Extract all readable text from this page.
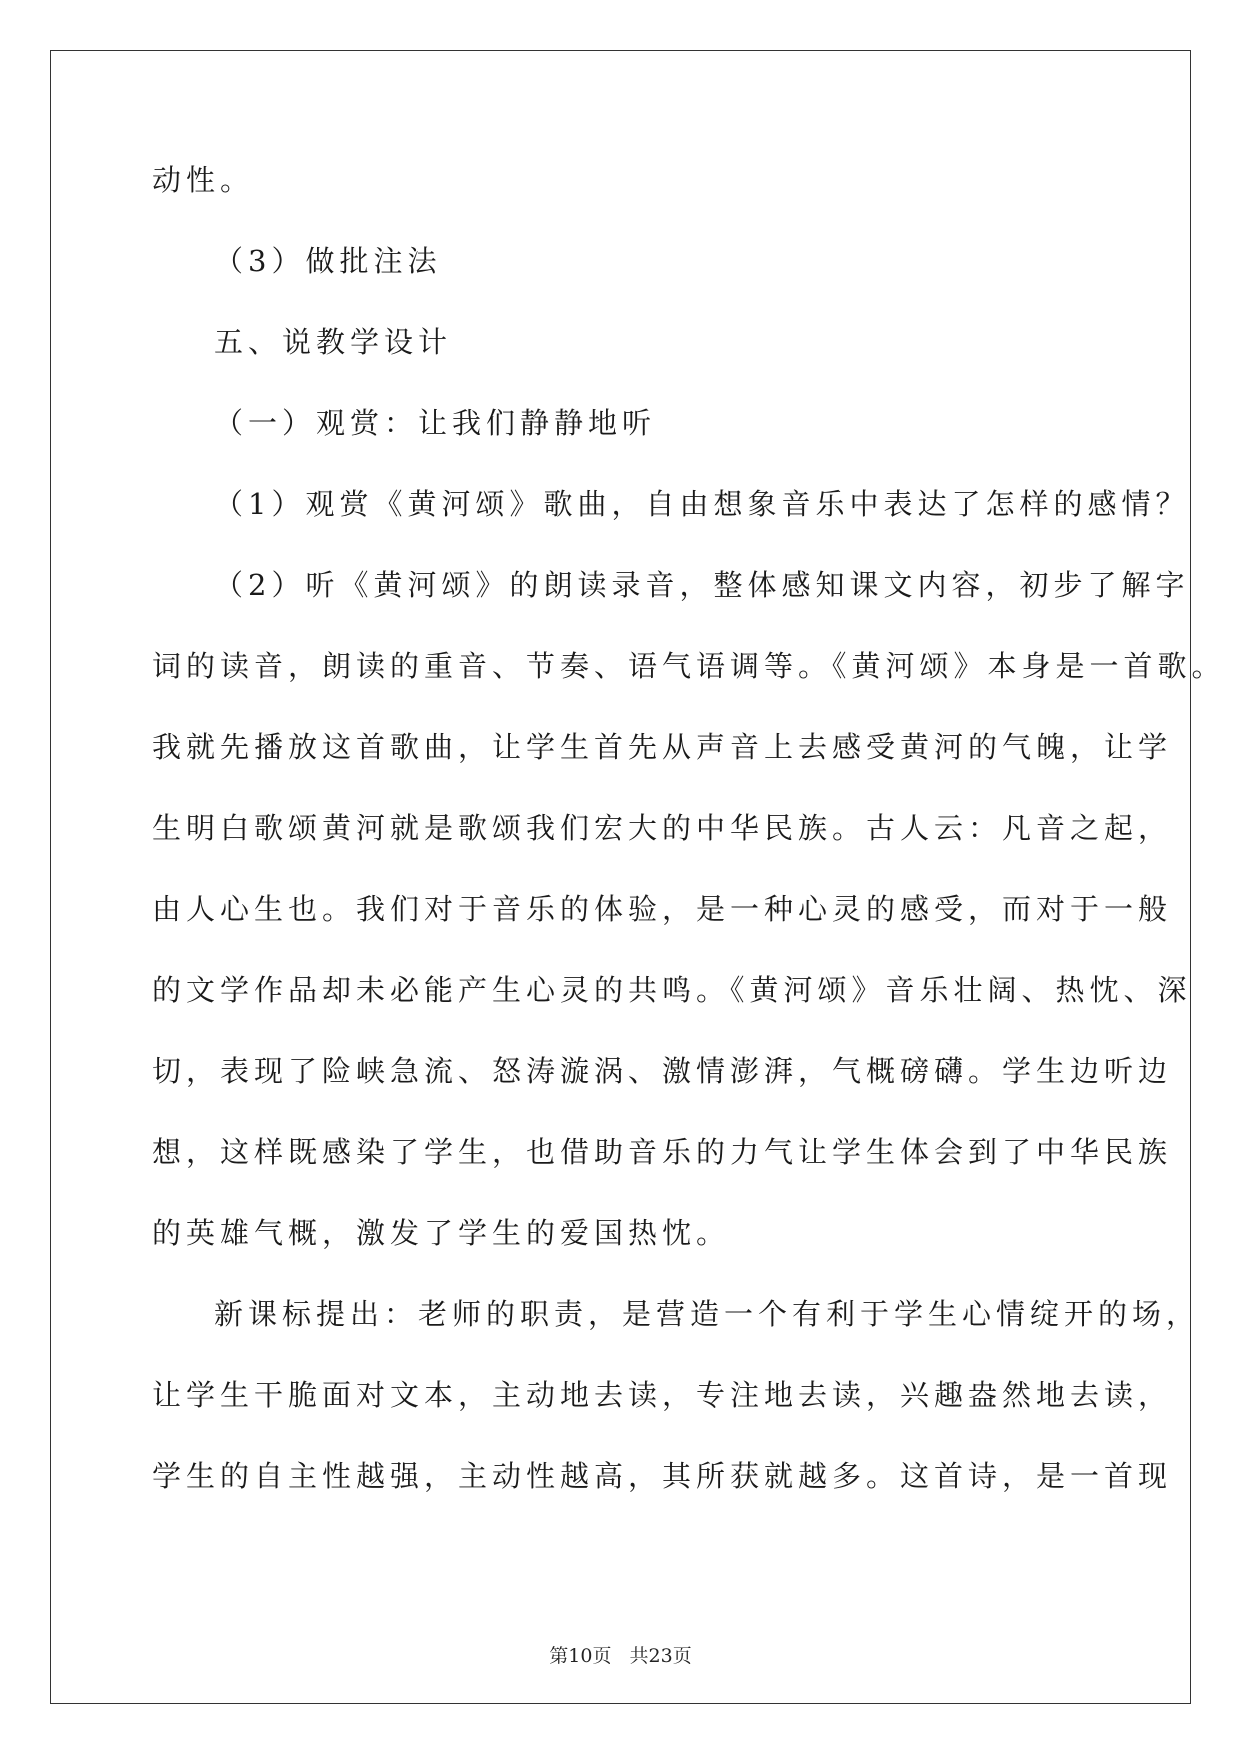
动性。
（3）做批注法
五、说教学设计
（一）观赏：让我们静静地听
（1）观赏《黄河颂》歌曲，自由想象音乐中表达了怎样的感情？
（2）听《黄河颂》的朗读录音，整体感知课文内容，初步了解字
词的读音，朗读的重音、节奏、语气语调等。《黄河颂》本身是一首歌。
我就先播放这首歌曲，让学生首先从声音上去感受黄河的气魄，让学
生明白歌颂黄河就是歌颂我们宏大的中华民族。古人云：凡音之起，
由人心生也。我们对于音乐的体验，是一种心灵的感受，而对于一般
的文学作品却未必能产生心灵的共鸣。《黄河颂》音乐壮阔、热忱、深
切，表现了险峡急流、怒涛漩涡、激情澎湃，气概磅礴。学生边听边
想，这样既感染了学生，也借助音乐的力气让学生体会到了中华民族
的英雄气概，激发了学生的爱国热忱。
新课标提出：老师的职责，是营造一个有利于学生心情绽开的场，
让学生干脆面对文本，主动地去读，专注地去读，兴趣盎然地去读，
学生的自主性越强，主动性越高，其所获就越多。这首诗，是一首现
第10页 共23页
